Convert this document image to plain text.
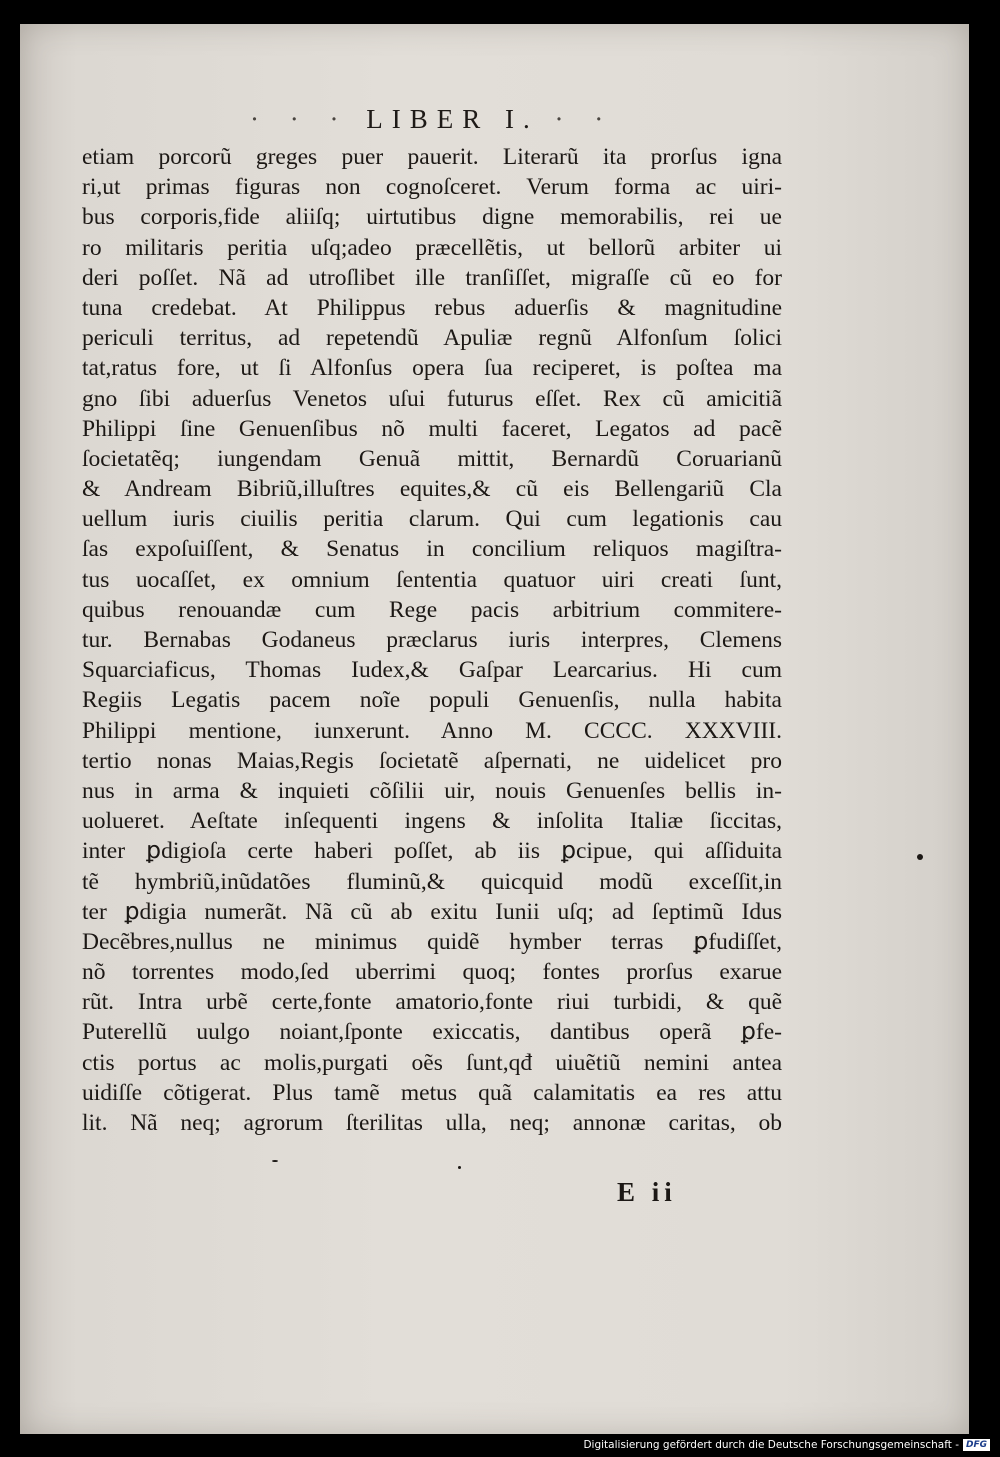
· · · LIBER I. · ·
etiam porcorũ greges puer pauerit. Literarũ ita prorſus igna
ri,ut primas figuras non cognoſceret. Verum forma ac uiri-
bus corporis,fide aliiſq; uirtutibus digne memorabilis, rei ue
ro militaris peritia uſq;adeo præcellẽtis, ut bellorũ arbiter ui
deri poſſet. Nã ad utroſlibet ille tranſiſſet, migraſſe cũ eo for
tuna credebat. At Philippus rebus aduerſis & magnitudine
periculi territus, ad repetendũ Apuliæ regnũ Alfonſum ſolici
tat,ratus fore, ut ſi Alfonſus opera ſua reciperet, is poſtea ma
gno ſibi aduerſus Venetos uſui futurus eſſet. Rex cũ amicitiã
Philippi ſine Genuenſibus nõ multi faceret, Legatos ad pacẽ
ſocietatẽq; iungendam Genuã mittit, Bernardũ Coruarianũ
& Andream Bibriũ,illuſtres equites,& cũ eis Bellengariũ Cla
uellum iuris ciuilis peritia clarum. Qui cum legationis cau
ſas expoſuiſſent, & Senatus in concilium reliquos magiſtra-
tus uocaſſet, ex omnium ſententia quatuor uiri creati ſunt,
quibus renouandæ cum Rege pacis arbitrium commitere-
tur. Bernabas Godaneus præclarus iuris interpres, Clemens
Squarciaficus, Thomas Iudex,& Gaſpar Learcarius. Hi cum
Regiis Legatis pacem noĩe populi Genuenſis, nulla habita
Philippi mentione, iunxerunt. Anno M. CCCC. XXXVIII.
tertio nonas Maias,Regis ſocietatẽ aſpernati, ne uidelicet pro
nus in arma & inquieti cõſilii uir, nouis Genuenſes bellis in-
uolueret. Aeſtate inſequenti ingens & inſolita Italiæ ſiccitas,
inter ꝑdigioſa certe haberi poſſet, ab iis ꝑcipue, qui aſſiduita
tẽ hymbriũ,inũdatões fluminũ,& quicquid modũ exceſſit,in
ter ꝑdigia numerãt. Nã cũ ab exitu Iunii uſq; ad ſeptimũ Idus
Decẽbres,nullus ne minimus quidẽ hymber terras ꝑfudiſſet,
nõ torrentes modo,ſed uberrimi quoq; fontes prorſus exarue
rũt. Intra urbẽ certe,fonte amatorio,fonte riui turbidi, & quẽ
Puterellũ uulgo noiant,ſponte exiccatis, dantibus operã ꝑfe-
ctis portus ac molis,purgati oẽs ſunt,qđ uiuẽtiũ nemini antea
uidiſſe cõtigerat. Plus tamẽ metus quã calamitatis ea res attu
lit. Nã neq; agrorum ſterilitas ulla, neq; annonæ caritas, ob
E ii
Digitalisierung gefördert durch die Deutsche Forschungsgemeinschaft - DFG
